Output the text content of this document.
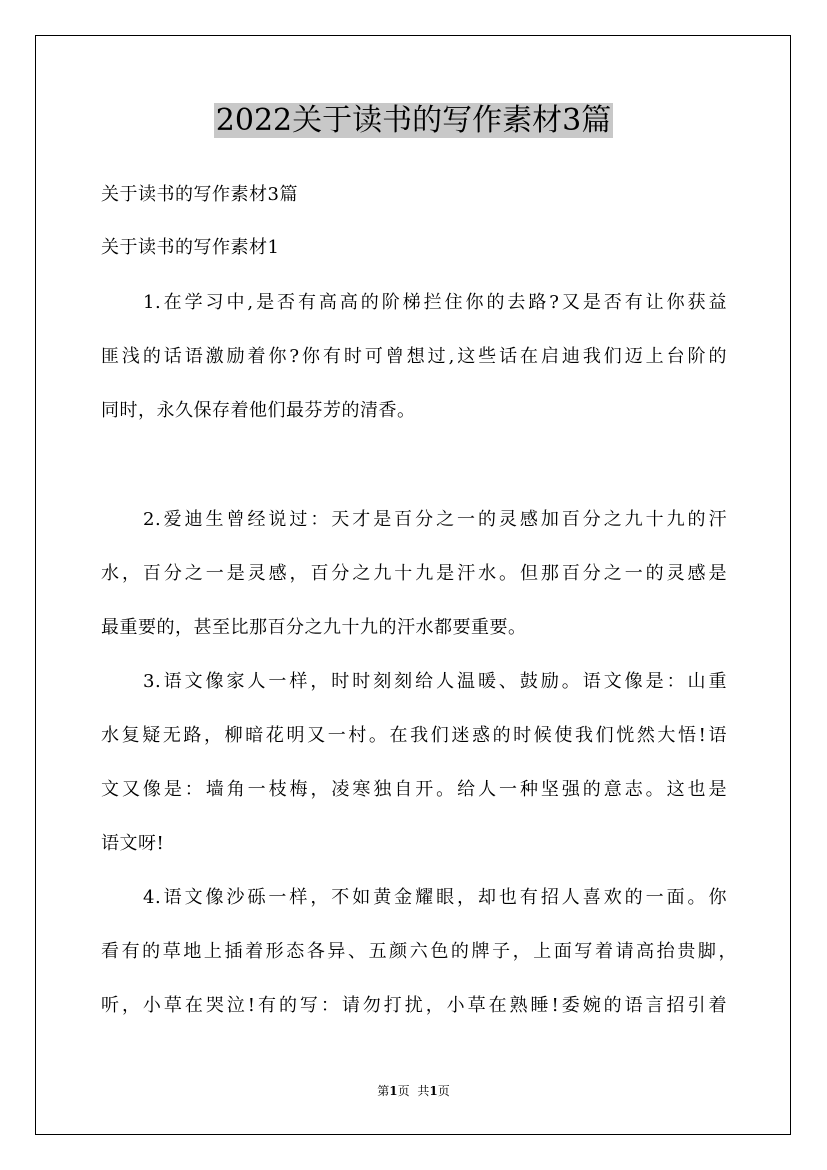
2022关于读书的写作素材3篇
关于读书的写作素材3篇
关于读书的写作素材1
1.在学习中,是否有高高的阶梯拦住你的去路?又是否有让你获益
匪浅的话语激励着你?你有时可曾想过,这些话在启迪我们迈上台阶的
同时，永久保存着他们最芬芳的清香。
2.爱迪生曾经说过：天才是百分之一的灵感加百分之九十九的汗
水，百分之一是灵感，百分之九十九是汗水。但那百分之一的灵感是
最重要的，甚至比那百分之九十九的汗水都要重要。
3.语文像家人一样，时时刻刻给人温暖、鼓励。语文像是：山重
水复疑无路，柳暗花明又一村。在我们迷惑的时候使我们恍然大悟!语
文又像是：墙角一枝梅，凌寒独自开。给人一种坚强的意志。这也是
语文呀!
4.语文像沙砾一样，不如黄金耀眼，却也有招人喜欢的一面。你
看有的草地上插着形态各异、五颜六色的牌子，上面写着请高抬贵脚，
听，小草在哭泣!有的写：请勿打扰，小草在熟睡!委婉的语言招引着
第1页 共1页
